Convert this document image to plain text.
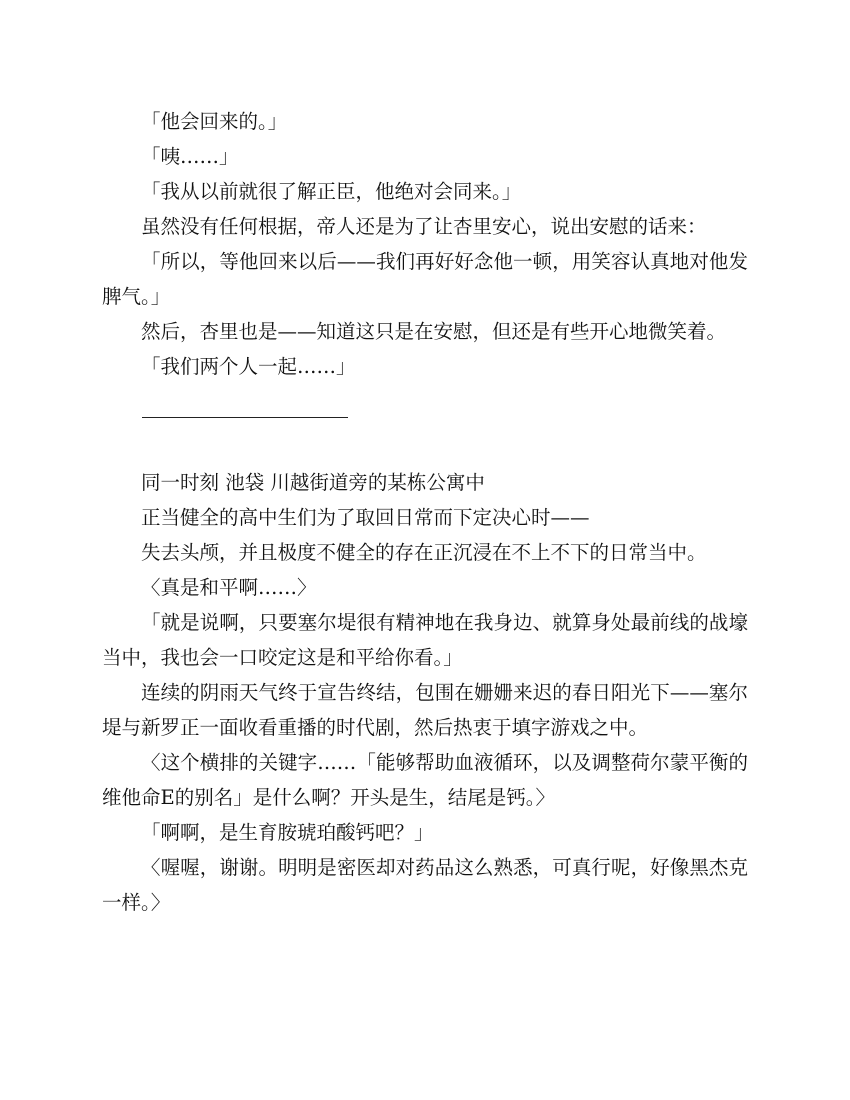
「他会回来的。」

「咦……」

「我从以前就很了解正臣，他绝对会同来。」

虽然没有任何根据，帝人还是为了让杏里安心，说出安慰的话来：

「所以，等他回来以后——我们再好好念他一顿，用笑容认真地对他发脾气。」

然后，杏里也是——知道这只是在安慰，但还是有些开心地微笑着。

「我们两个人一起……」

同一时刻 池袋 川越街道旁的某栋公寓中

正当健全的高中生们为了取回日常而下定决心时——

失去头颅，并且极度不健全的存在正沉浸在不上不下的日常当中。

〈真是和平啊……〉

「就是说啊，只要塞尔堤很有精神地在我身边、就算身处最前线的战壕当中，我也会一口咬定这是和平给你看。」

连续的阴雨天气终于宣告终结，包围在姗姗来迟的春日阳光下——塞尔堤与新罗正一面收看重播的时代剧，然后热衷于填字游戏之中。

〈这个横排的关键字……「能够帮助血液循环，以及调整荷尔蒙平衡的维他命E的别名」是什么啊？开头是生，结尾是钙。〉

「啊啊，是生育胺琥珀酸钙吧？」

〈喔喔，谢谢。明明是密医却对药品这么熟悉，可真行呢，好像黑杰克一样。〉
